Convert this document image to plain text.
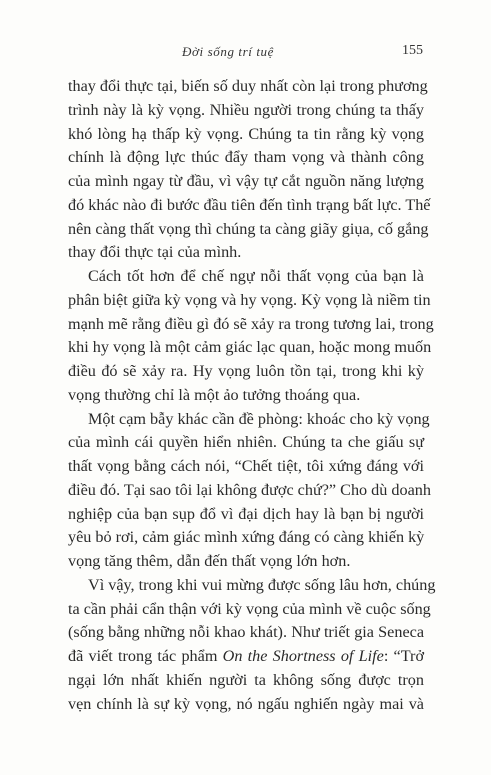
Đời sống trí tuệ	155
thay đổi thực tại, biến số duy nhất còn lại trong phương
trình này là kỳ vọng. Nhiều người trong chúng ta thấy
khó lòng hạ thấp kỳ vọng. Chúng ta tin rằng kỳ vọng
chính là động lực thúc đẩy tham vọng và thành công
của mình ngay từ đầu, vì vậy tự cắt nguồn năng lượng
đó khác nào đi bước đầu tiên đến tình trạng bất lực. Thế
nên càng thất vọng thì chúng ta càng giãy giụa, cố gắng
thay đổi thực tại của mình.
Cách tốt hơn để chế ngự nỗi thất vọng của bạn là
phân biệt giữa kỳ vọng và hy vọng. Kỳ vọng là niềm tin
mạnh mẽ rằng điều gì đó sẽ xảy ra trong tương lai, trong
khi hy vọng là một cảm giác lạc quan, hoặc mong muốn
điều đó sẽ xảy ra. Hy vọng luôn tồn tại, trong khi kỳ
vọng thường chỉ là một ảo tưởng thoáng qua.
Một cạm bẫy khác cần đề phòng: khoác cho kỳ vọng
của mình cái quyền hiển nhiên. Chúng ta che giấu sự
thất vọng bằng cách nói, “Chết tiệt, tôi xứng đáng với
điều đó. Tại sao tôi lại không được chứ?” Cho dù doanh
nghiệp của bạn sụp đổ vì đại dịch hay là bạn bị người
yêu bỏ rơi, cảm giác mình xứng đáng có càng khiến kỳ
vọng tăng thêm, dẫn đến thất vọng lớn hơn.
Vì vậy, trong khi vui mừng được sống lâu hơn, chúng
ta cần phải cẩn thận với kỳ vọng của mình về cuộc sống
(sống bằng những nỗi khao khát). Như triết gia Seneca
đã viết trong tác phẩm On the Shortness of Life: “Trở
ngại lớn nhất khiến người ta không sống được trọn
vẹn chính là sự kỳ vọng, nó ngấu nghiến ngày mai và
